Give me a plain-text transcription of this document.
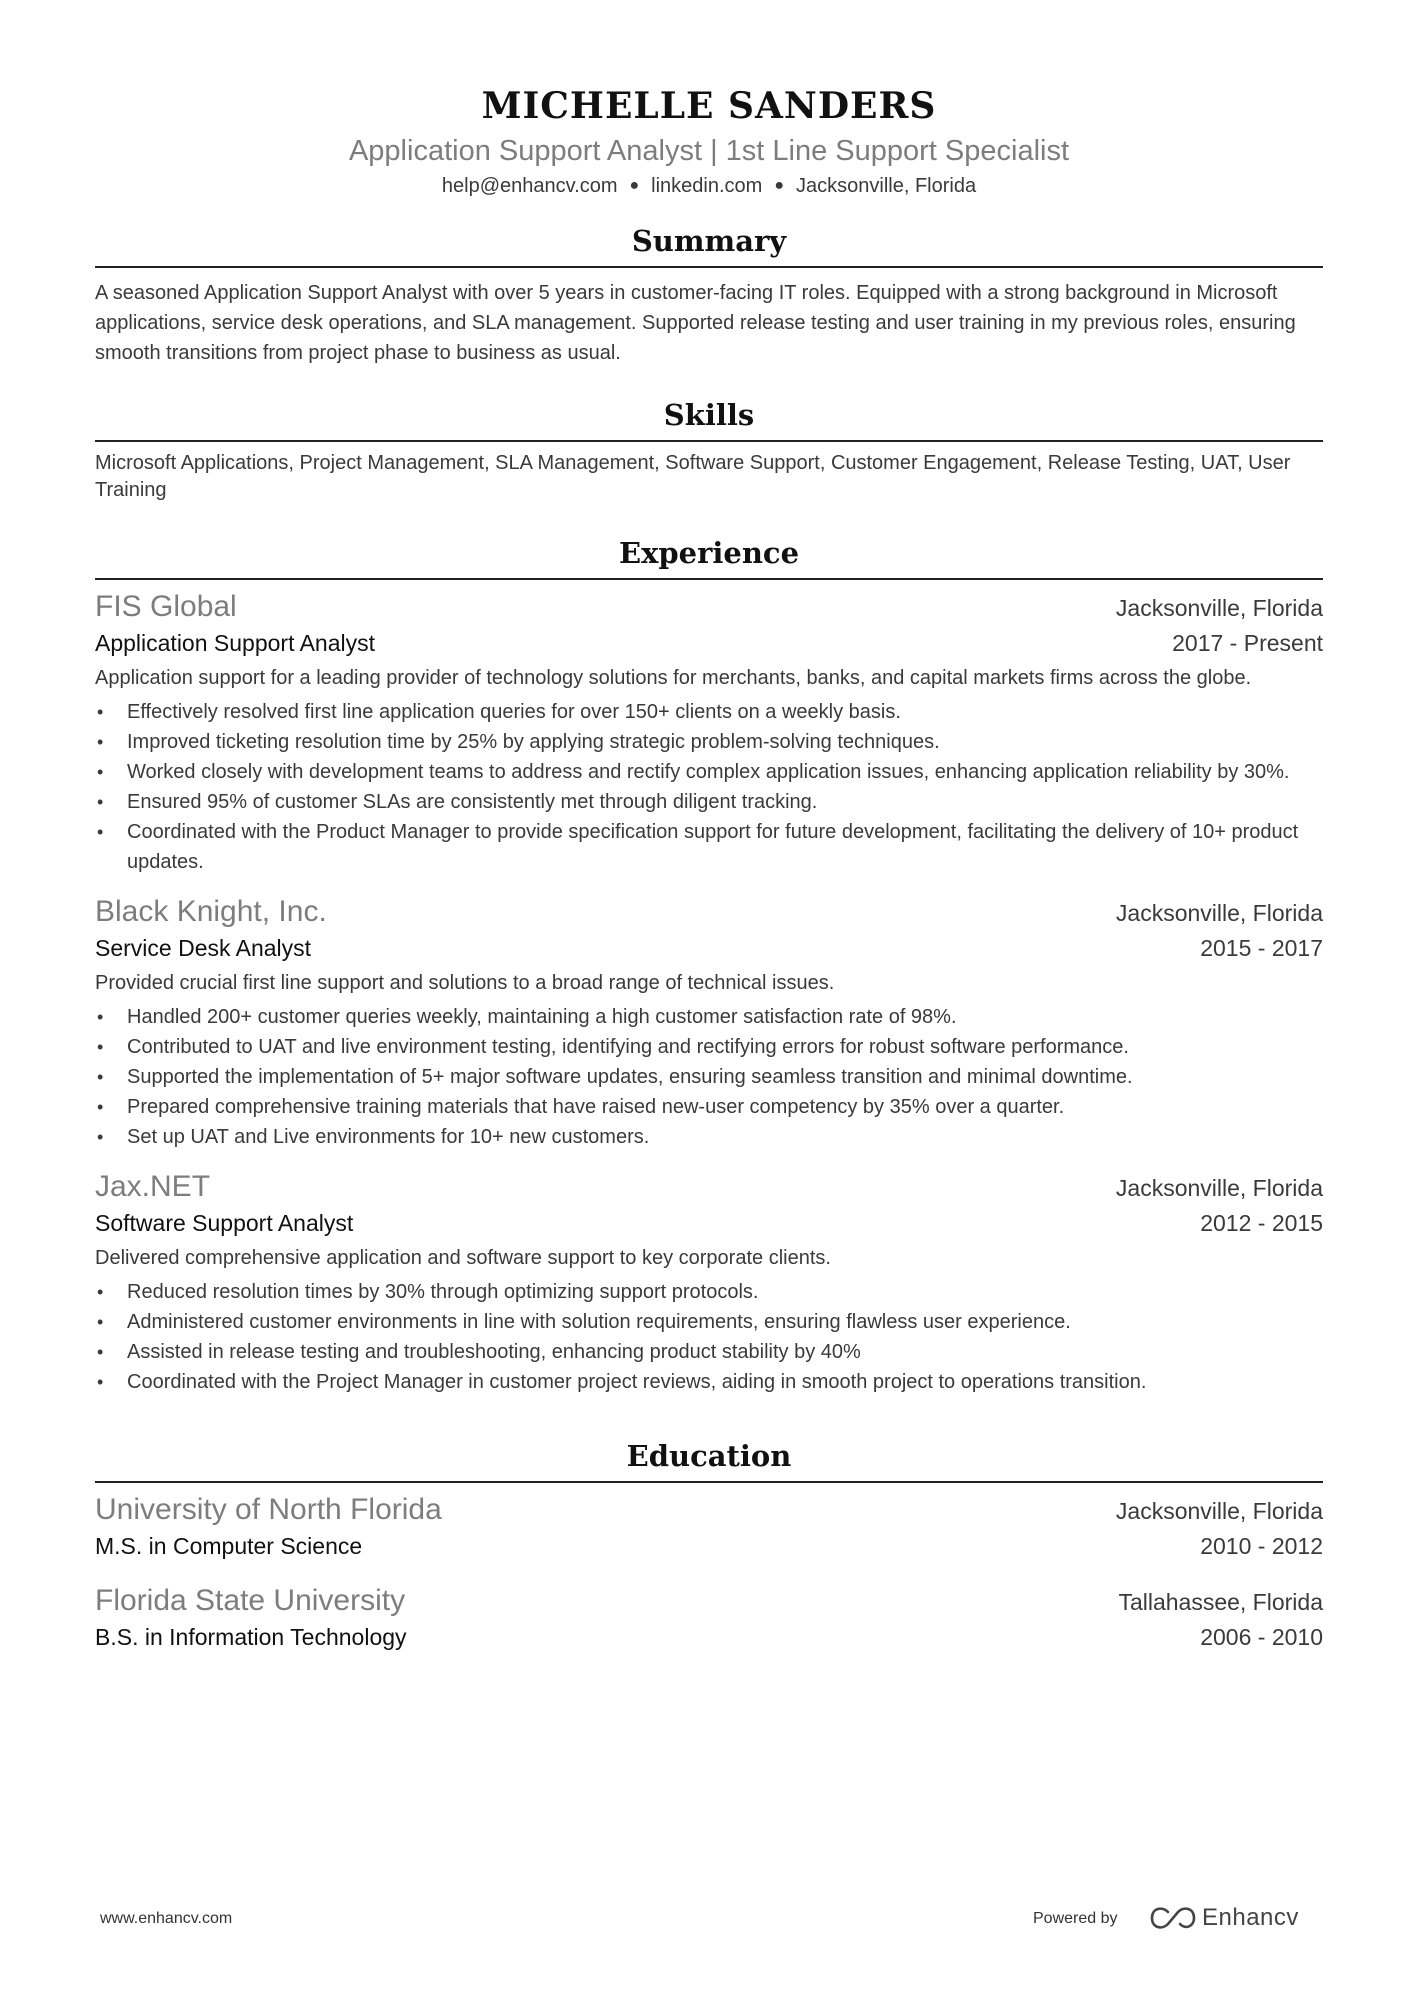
MICHELLE SANDERS
Application Support Analyst | 1st Line Support Specialist
help@enhancv.com ● linkedin.com ● Jacksonville, Florida
Summary
A seasoned Application Support Analyst with over 5 years in customer-facing IT roles. Equipped with a strong background in Microsoft applications, service desk operations, and SLA management. Supported release testing and user training in my previous roles, ensuring smooth transitions from project phase to business as usual.
Skills
Microsoft Applications, Project Management, SLA Management, Software Support, Customer Engagement, Release Testing, UAT, User Training
Experience
FIS Global	Jacksonville, Florida
Application Support Analyst	2017 - Present
Application support for a leading provider of technology solutions for merchants, banks, and capital markets firms across the globe.
• Effectively resolved first line application queries for over 150+ clients on a weekly basis.
• Improved ticketing resolution time by 25% by applying strategic problem-solving techniques.
• Worked closely with development teams to address and rectify complex application issues, enhancing application reliability by 30%.
• Ensured 95% of customer SLAs are consistently met through diligent tracking.
• Coordinated with the Product Manager to provide specification support for future development, facilitating the delivery of 10+ product updates.
Black Knight, Inc.	Jacksonville, Florida
Service Desk Analyst	2015 - 2017
Provided crucial first line support and solutions to a broad range of technical issues.
• Handled 200+ customer queries weekly, maintaining a high customer satisfaction rate of 98%.
• Contributed to UAT and live environment testing, identifying and rectifying errors for robust software performance.
• Supported the implementation of 5+ major software updates, ensuring seamless transition and minimal downtime.
• Prepared comprehensive training materials that have raised new-user competency by 35% over a quarter.
• Set up UAT and Live environments for 10+ new customers.
Jax.NET	Jacksonville, Florida
Software Support Analyst	2012 - 2015
Delivered comprehensive application and software support to key corporate clients.
• Reduced resolution times by 30% through optimizing support protocols.
• Administered customer environments in line with solution requirements, ensuring flawless user experience.
• Assisted in release testing and troubleshooting, enhancing product stability by 40%
• Coordinated with the Project Manager in customer project reviews, aiding in smooth project to operations transition.
Education
University of North Florida	Jacksonville, Florida
M.S. in Computer Science	2010 - 2012
Florida State University	Tallahassee, Florida
B.S. in Information Technology	2006 - 2010
www.enhancv.com	Powered by	Enhancv
